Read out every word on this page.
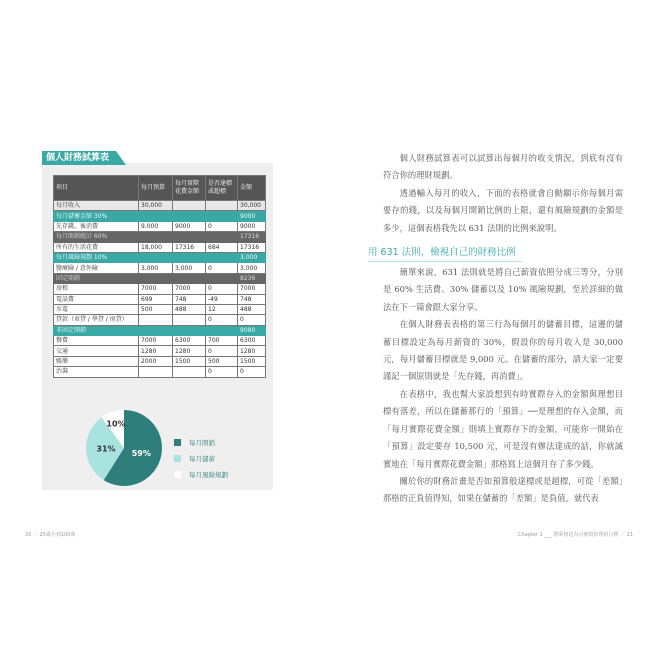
個人財務試算表
項目	每月預算	每月實際花費金額	是否達標或超標	金額
每月收入	30,000			30,000
每月儲蓄金額 30%				9000
先存錢，後消費	9,000	9000	0	9000
每月開銷總計 60%				17316
所有的生活花費	18,000	17316	684	17316
每月風險規劃 10%				3,000
醫療險 / 意外險	3,000	3,000	0	3,000
固定開銷				8236
房租	7000	7000	0	7000
電話費	699	748	-49	748
水電	500	488	12	488
貸款（車貸 / 學貸 / 房貸）			0	0
非固定開銷				9080
餐費	7000	6300	700	6300
交通	1280	1280	0	1280
娛樂	2000	1500	500	1500
治裝			0	0
59%
31%
10%
每月開銷
每月儲蓄
每月風險規劃

個人財務試算表可以試算出每個月的收支情況，到底有沒有符合你的理財規劃。

透過輸入每月的收入，下面的表格就會自動顯示你每個月需要存的錢，以及每個月開銷比例的上限，還有風險規劃的金額是多少，這個表格我先以 631 法則的比例來說明。

用 631 法則，檢視自己的財務比例

簡單來說，631 法則就是將自己薪資依照分成三等分，分別是 60% 生活費、30% 儲蓄以及 10% 風險規劃，至於詳細的做法在下一篇會跟大家分享。

在個人財務表表格的第三行為每個月的儲蓄目標，這邊的儲蓄目標設定為每月薪資的 30%，假設你的每月收入是 30,000 元，每月儲蓄目標就是 9,000 元。在儲蓄的部分，請大家一定要謹記一個原則就是「先存錢，再消費」。

在表格中，我也幫大家設想到有時實際存入的金額與理想目標有落差，所以在儲蓄那行的「預算」──是理想的存入金額，而「每月實際花費金額」則填上實際存下的金額，可能你一開始在「預算」設定要存 10,500 元，可是沒有辦法達成的話，你就誠實地在「每月實際花費金額」那格寫上這個月存了多少錢。

關於你的財務計畫是否如預算般達標或是超標，可從「差額」那格的正負值得知，如果在儲蓄的「差額」是負值，就代表

20 ／ 25歲存到100萬	Chapter 1 ___ 將夢想化為可實現的理財目標 ／ 21
